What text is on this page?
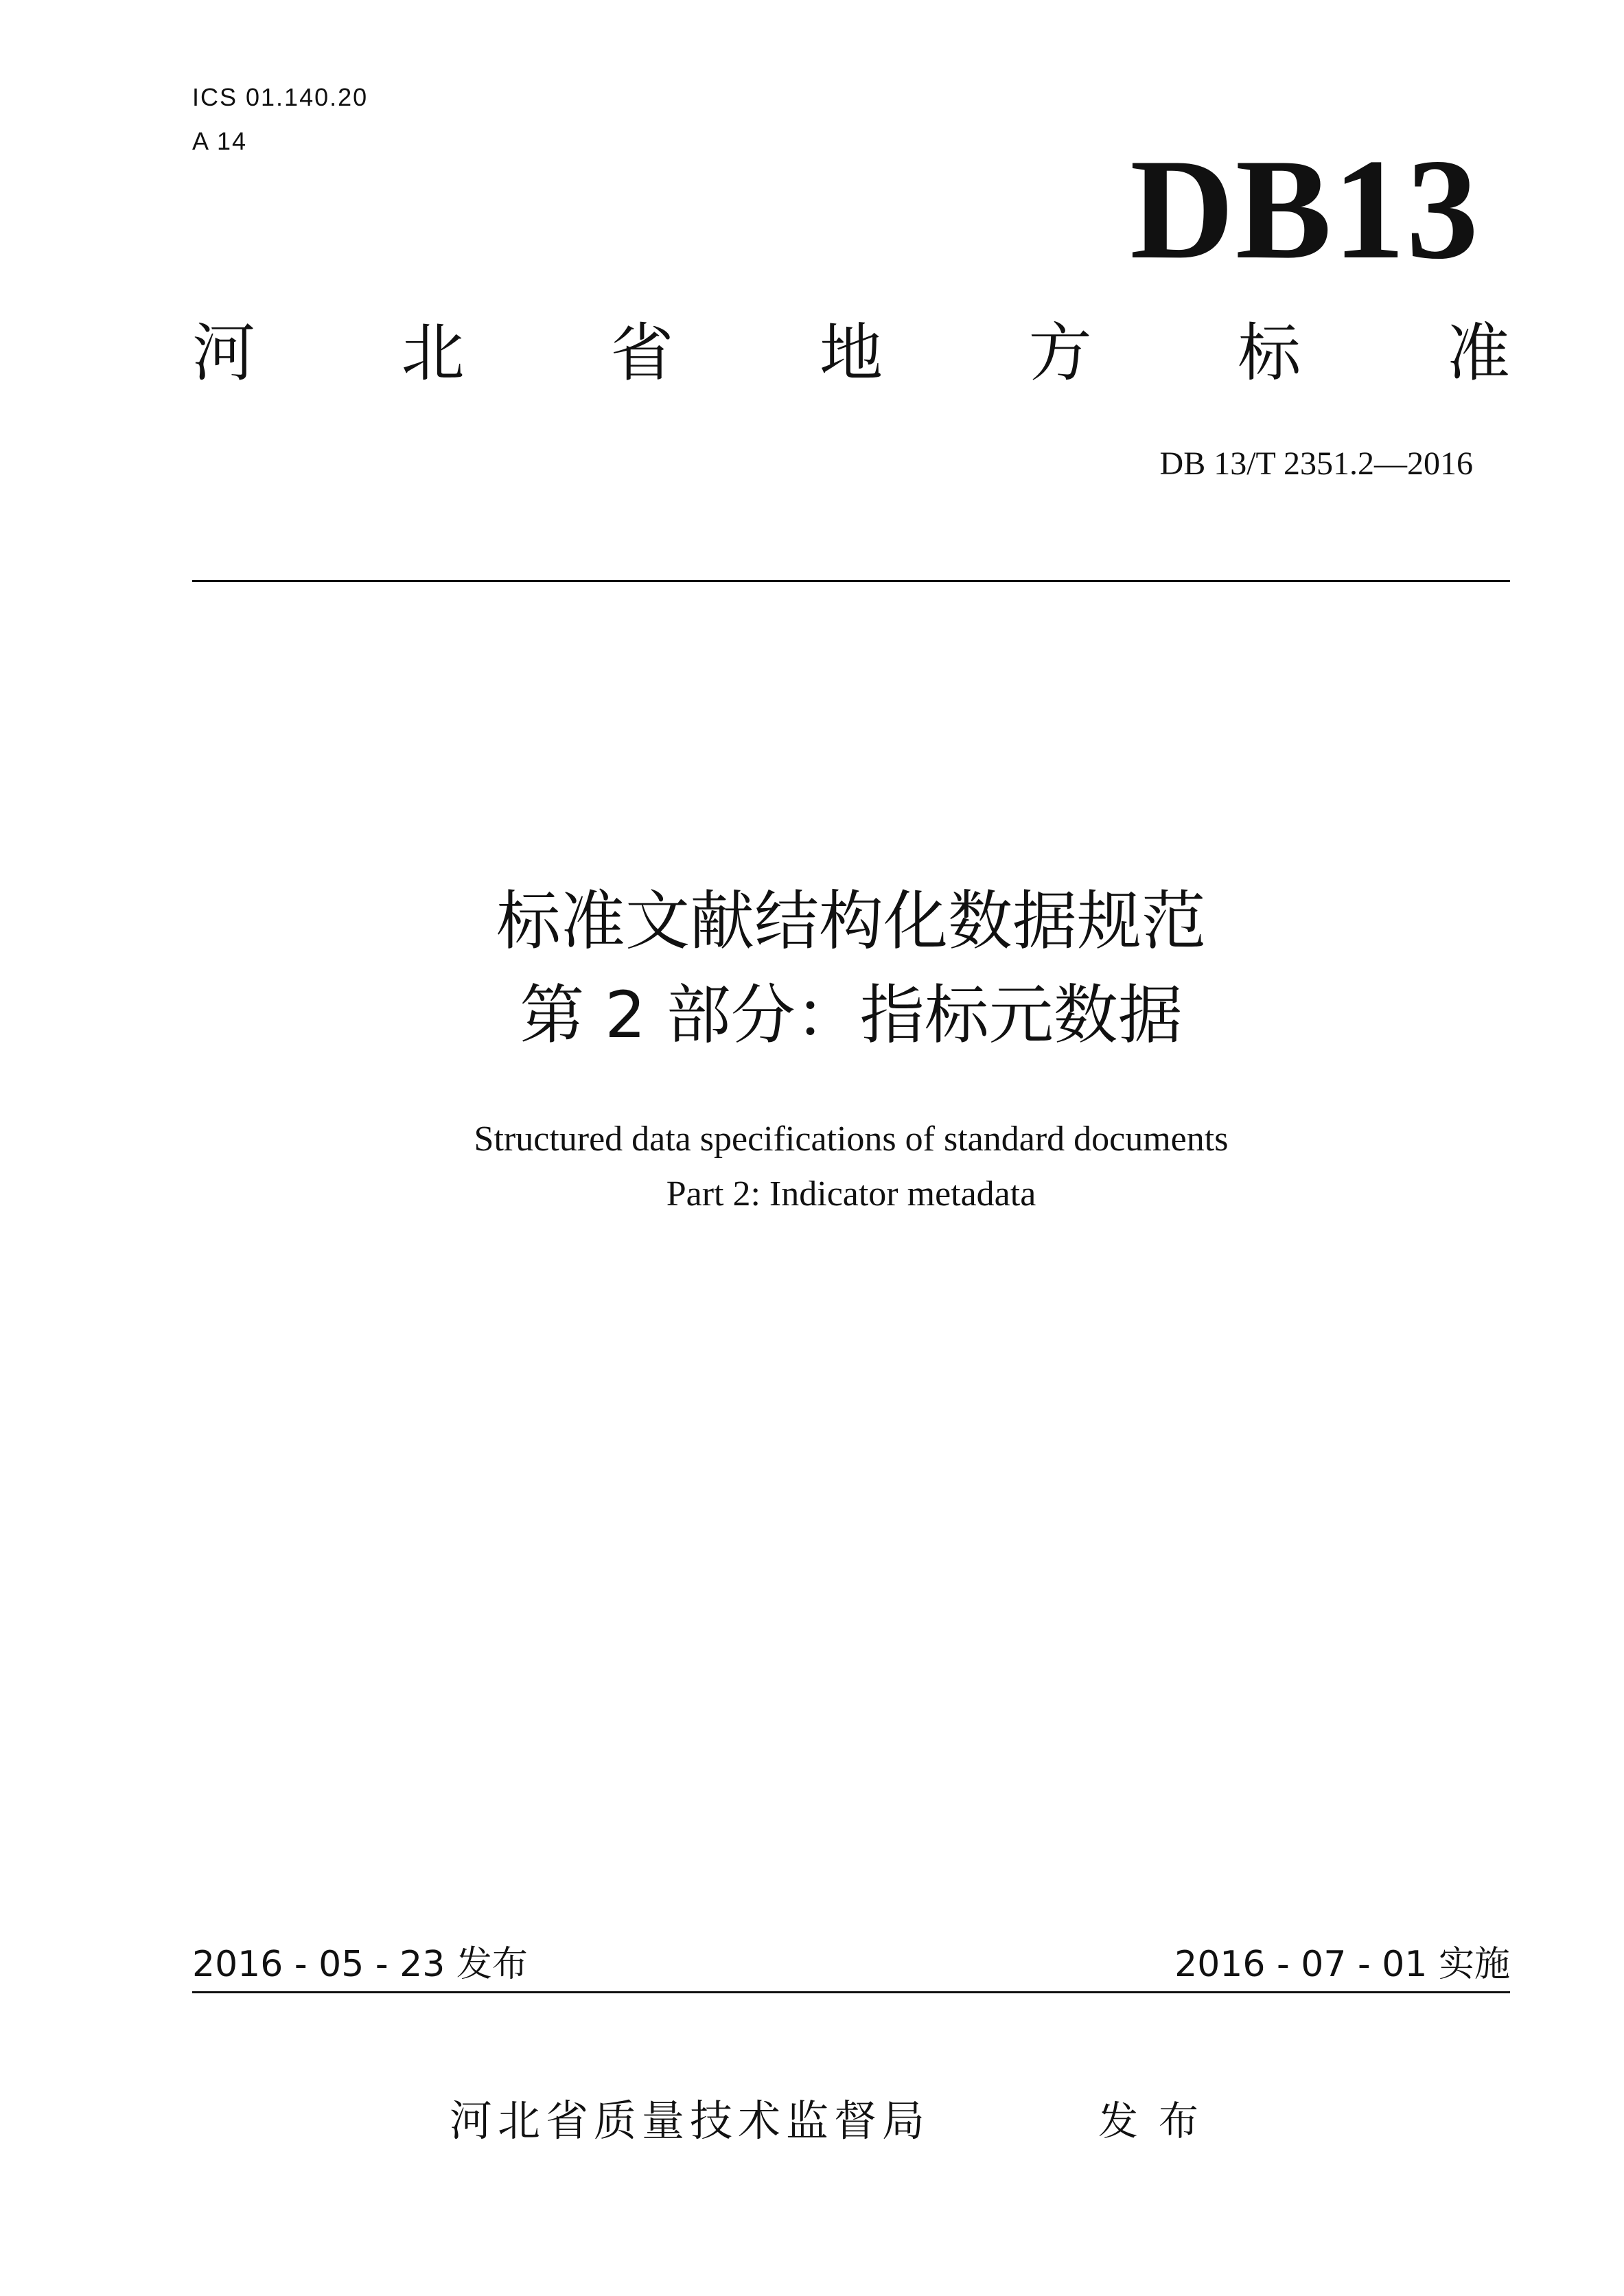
ICS 01.140.20
A 14	DB13
河 北 省 地 方 标 准
DB 13/T 2351.2—2016
标准文献结构化数据规范
第 2 部分：指标元数据
Structured data specifications of standard documents
Part 2: Indicator metadata
2016 - 05 - 23 发布	2016 - 07 - 01 实施
河北省质量技术监督局	发布
